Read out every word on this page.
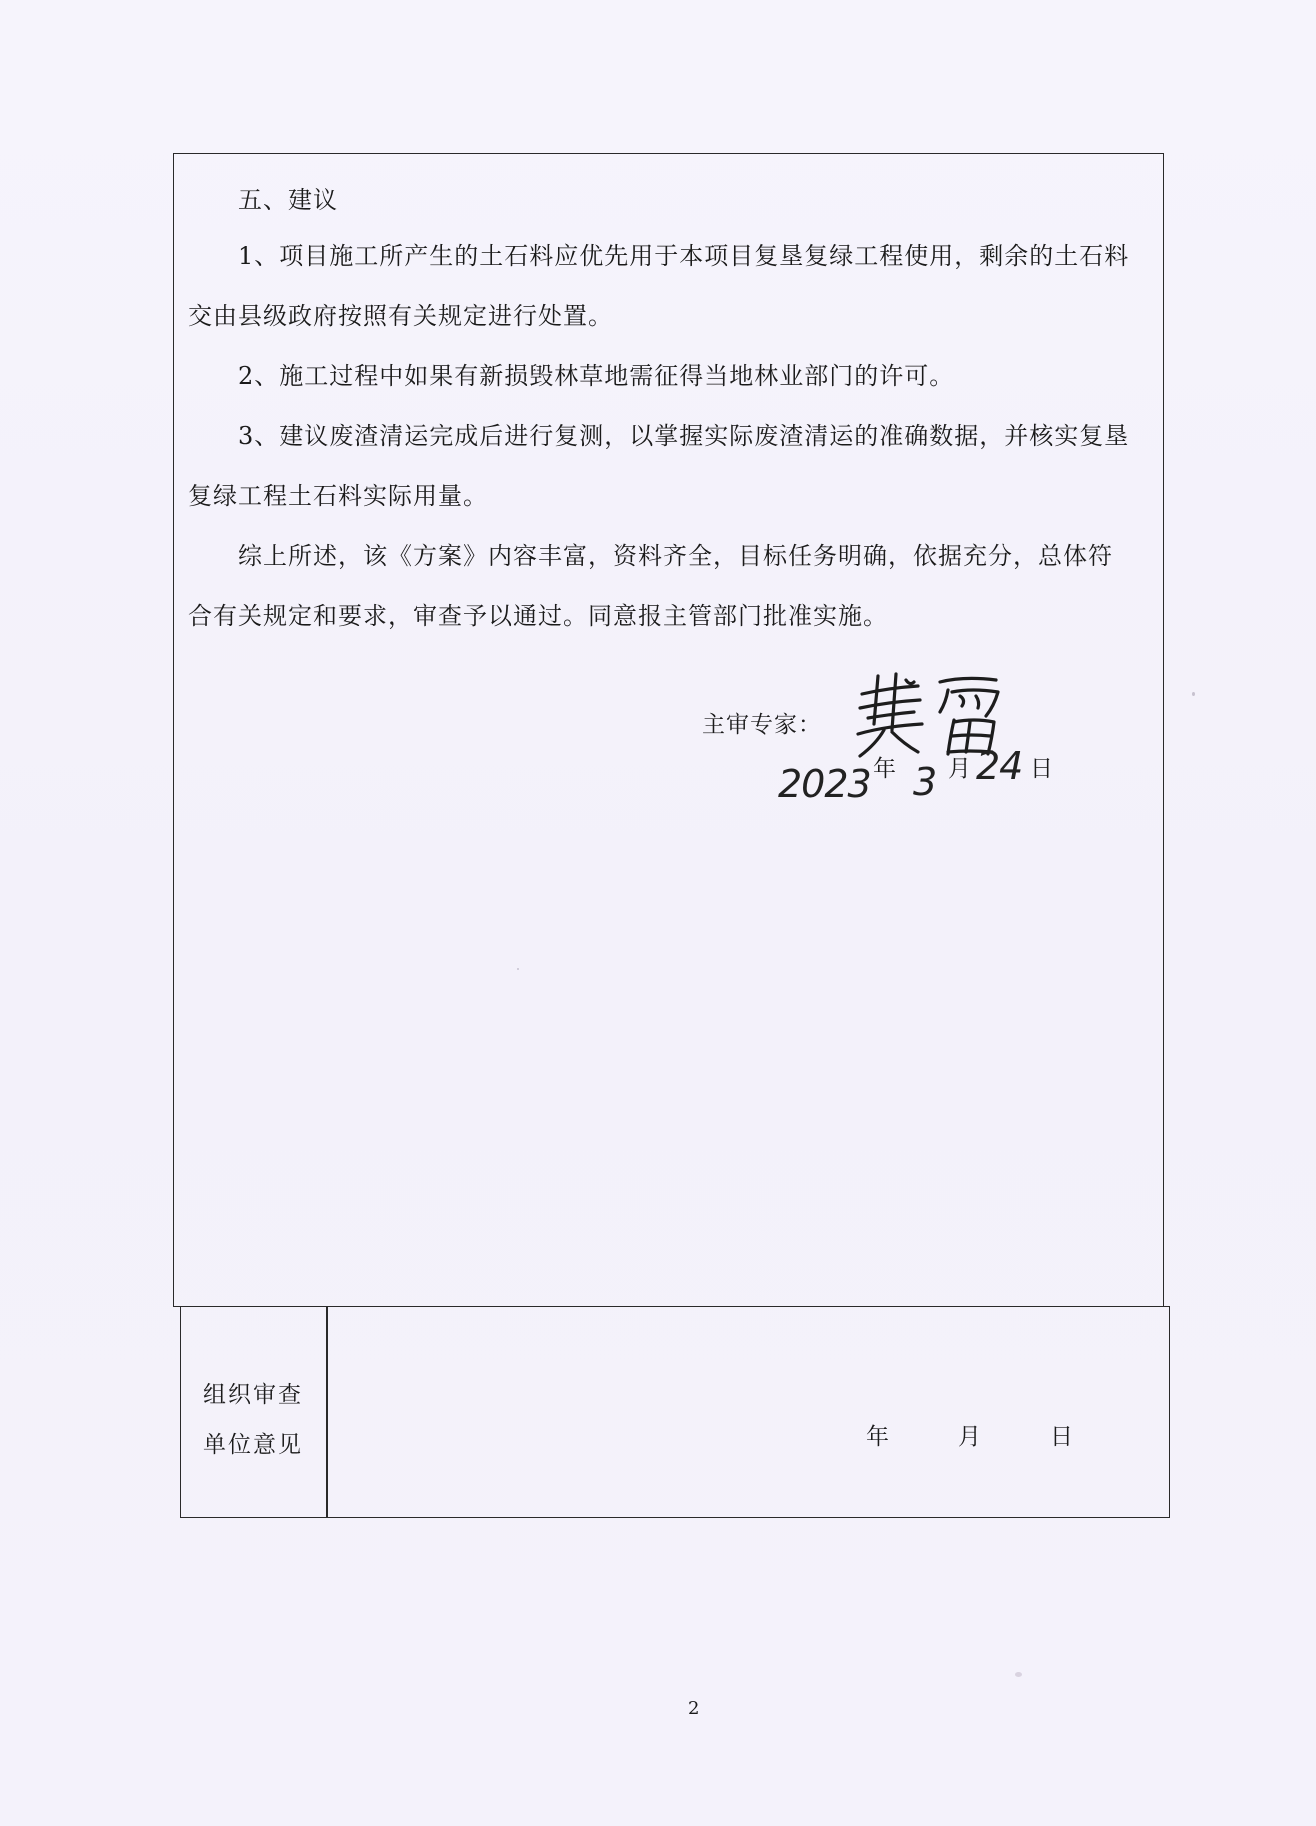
五、建议
1、项目施工所产生的土石料应优先用于本项目复垦复绿工程使用，剩余的土石料
交由县级政府按照有关规定进行处置。
2、施工过程中如果有新损毁林草地需征得当地林业部门的许可。
3、建议废渣清运完成后进行复测，以掌握实际废渣清运的准确数据，并核实复垦
复绿工程土石料实际用量。
综上所述，该《方案》内容丰富，资料齐全，目标任务明确，依据充分，总体符
合有关规定和要求，审查予以通过。同意报主管部门批准实施。
主审专家：
2023 年 3 月 24 日
组织审查
单位意见	年	月	日
2
